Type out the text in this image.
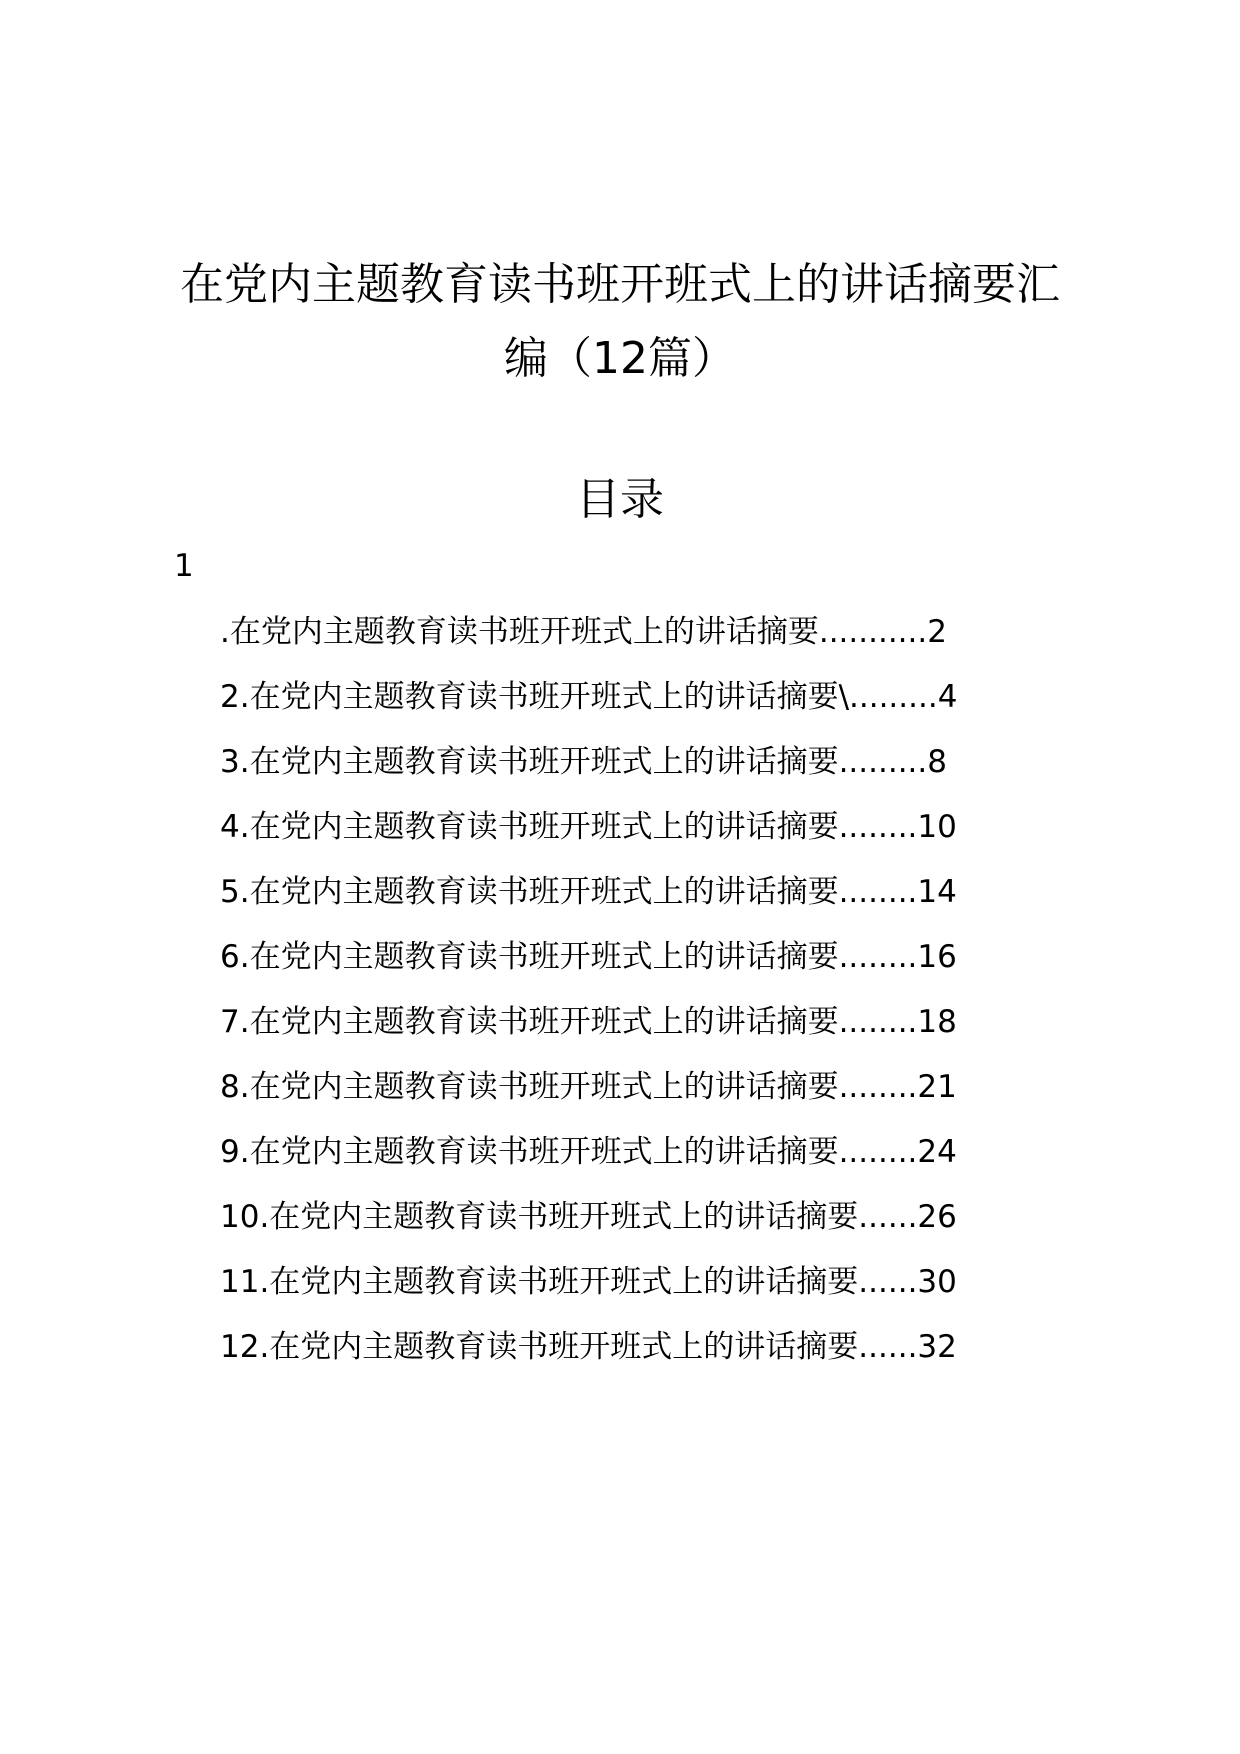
在党内主题教育读书班开班式上的讲话摘要汇
编（12篇）
目录
1
.在党内主题教育读书班开班式上的讲话摘要...........2
2.在党内主题教育读书班开班式上的讲话摘要\.........4
3.在党内主题教育读书班开班式上的讲话摘要.........8
4.在党内主题教育读书班开班式上的讲话摘要........10
5.在党内主题教育读书班开班式上的讲话摘要........14
6.在党内主题教育读书班开班式上的讲话摘要........16
7.在党内主题教育读书班开班式上的讲话摘要........18
8.在党内主题教育读书班开班式上的讲话摘要........21
9.在党内主题教育读书班开班式上的讲话摘要........24
10.在党内主题教育读书班开班式上的讲话摘要......26
11.在党内主题教育读书班开班式上的讲话摘要......30
12.在党内主题教育读书班开班式上的讲话摘要......32
